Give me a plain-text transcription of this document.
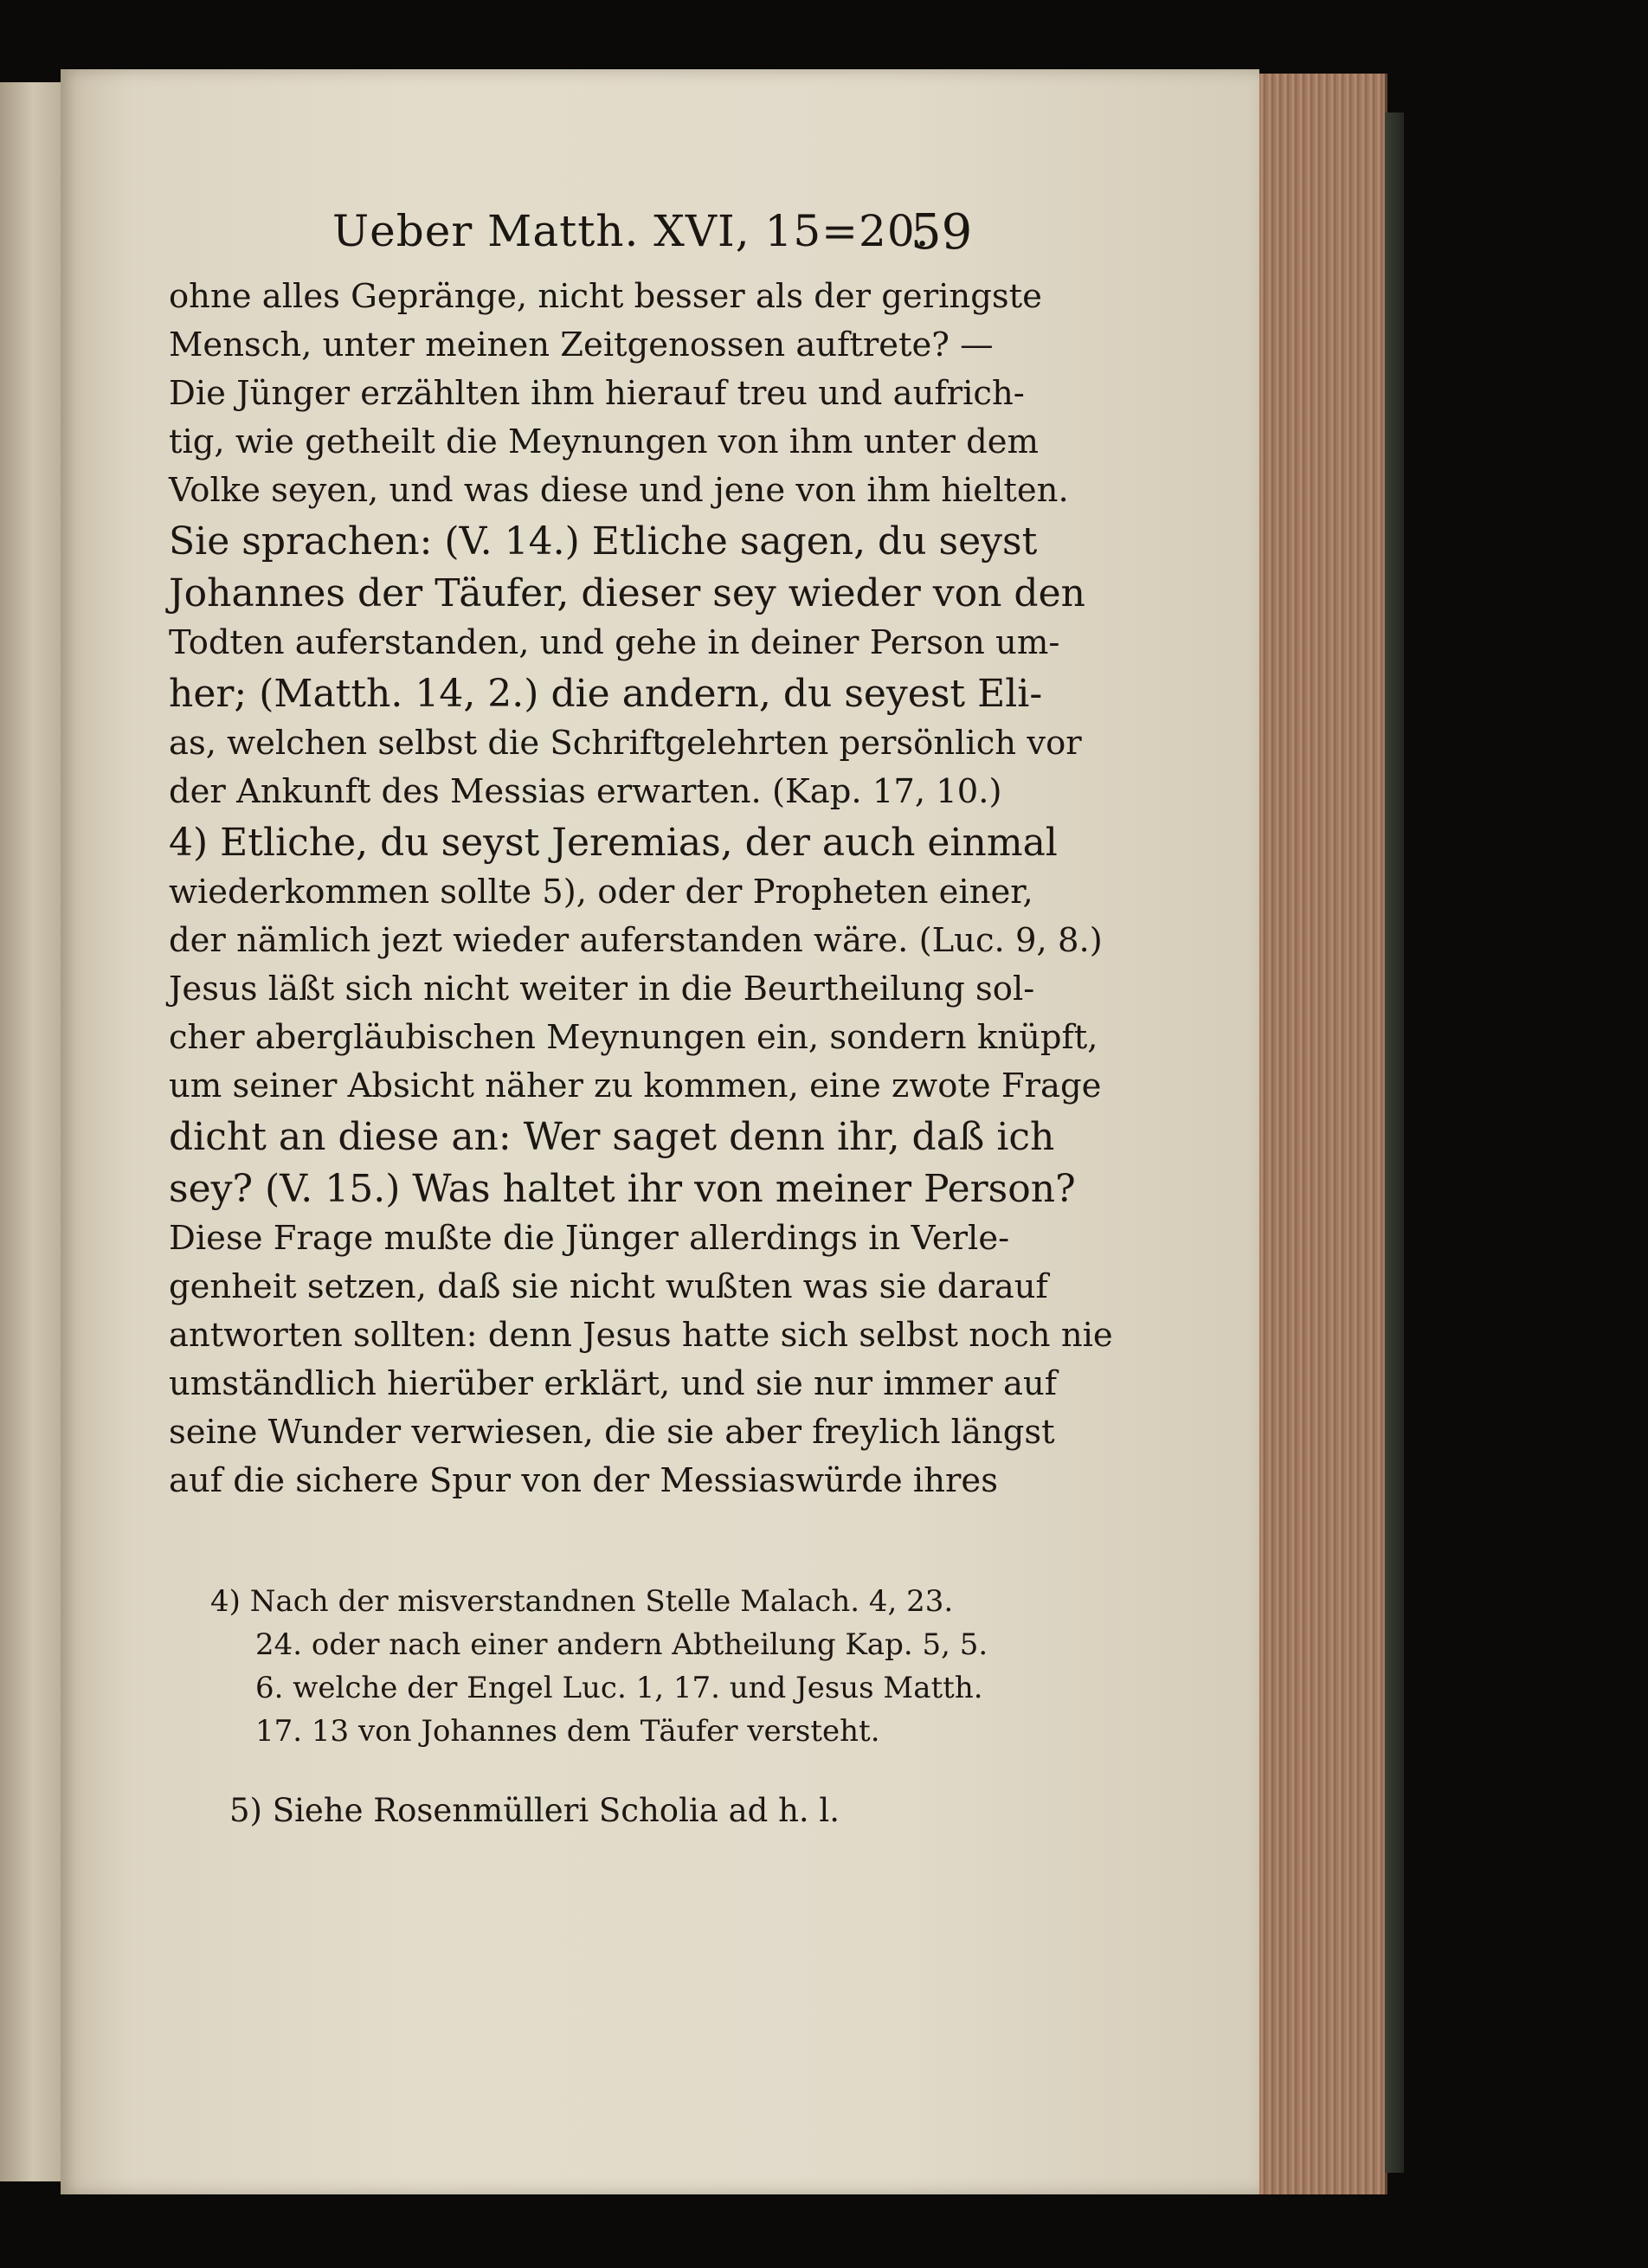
Ueber Matth. XVI, 15=20.
59
ohne alles Gepränge, nicht besser als der geringste
Mensch, unter meinen Zeitgenossen auftrete? —
Die Jünger erzählten ihm hierauf treu und aufrich-
tig, wie getheilt die Meynungen von ihm unter dem
Volke seyen, und was diese und jene von ihm hielten.
Sie sprachen: (V. 14.) Etliche sagen, du seyst
Johannes der Täufer, dieser sey wieder von den
Todten auferstanden, und gehe in deiner Person um-
her; (Matth. 14, 2.) die andern, du seyest Eli-
as, welchen selbst die Schriftgelehrten persönlich vor
der Ankunft des Messias erwarten. (Kap. 17, 10.)
4) Etliche, du seyst Jeremias, der auch einmal
wiederkommen sollte 5), oder der Propheten einer,
der nämlich jezt wieder auferstanden wäre. (Luc. 9, 8.)
Jesus läßt sich nicht weiter in die Beurtheilung sol-
cher abergläubischen Meynungen ein, sondern knüpft,
um seiner Absicht näher zu kommen, eine zwote Frage
dicht an diese an: Wer saget denn ihr, daß ich
sey? (V. 15.) Was haltet ihr von meiner Person?
Diese Frage mußte die Jünger allerdings in Verle-
genheit setzen, daß sie nicht wußten was sie darauf
antworten sollten: denn Jesus hatte sich selbst noch nie
umständlich hierüber erklärt, und sie nur immer auf
seine Wunder verwiesen, die sie aber freylich längst
auf die sichere Spur von der Messiaswürde ihres
4) Nach der misverstandnen Stelle Malach. 4, 23.
24. oder nach einer andern Abtheilung Kap. 5, 5.
6. welche der Engel Luc. 1, 17. und Jesus Matth.
17. 13 von Johannes dem Täufer versteht.
5) Siehe Rosenmülleri Scholia ad h. l.
